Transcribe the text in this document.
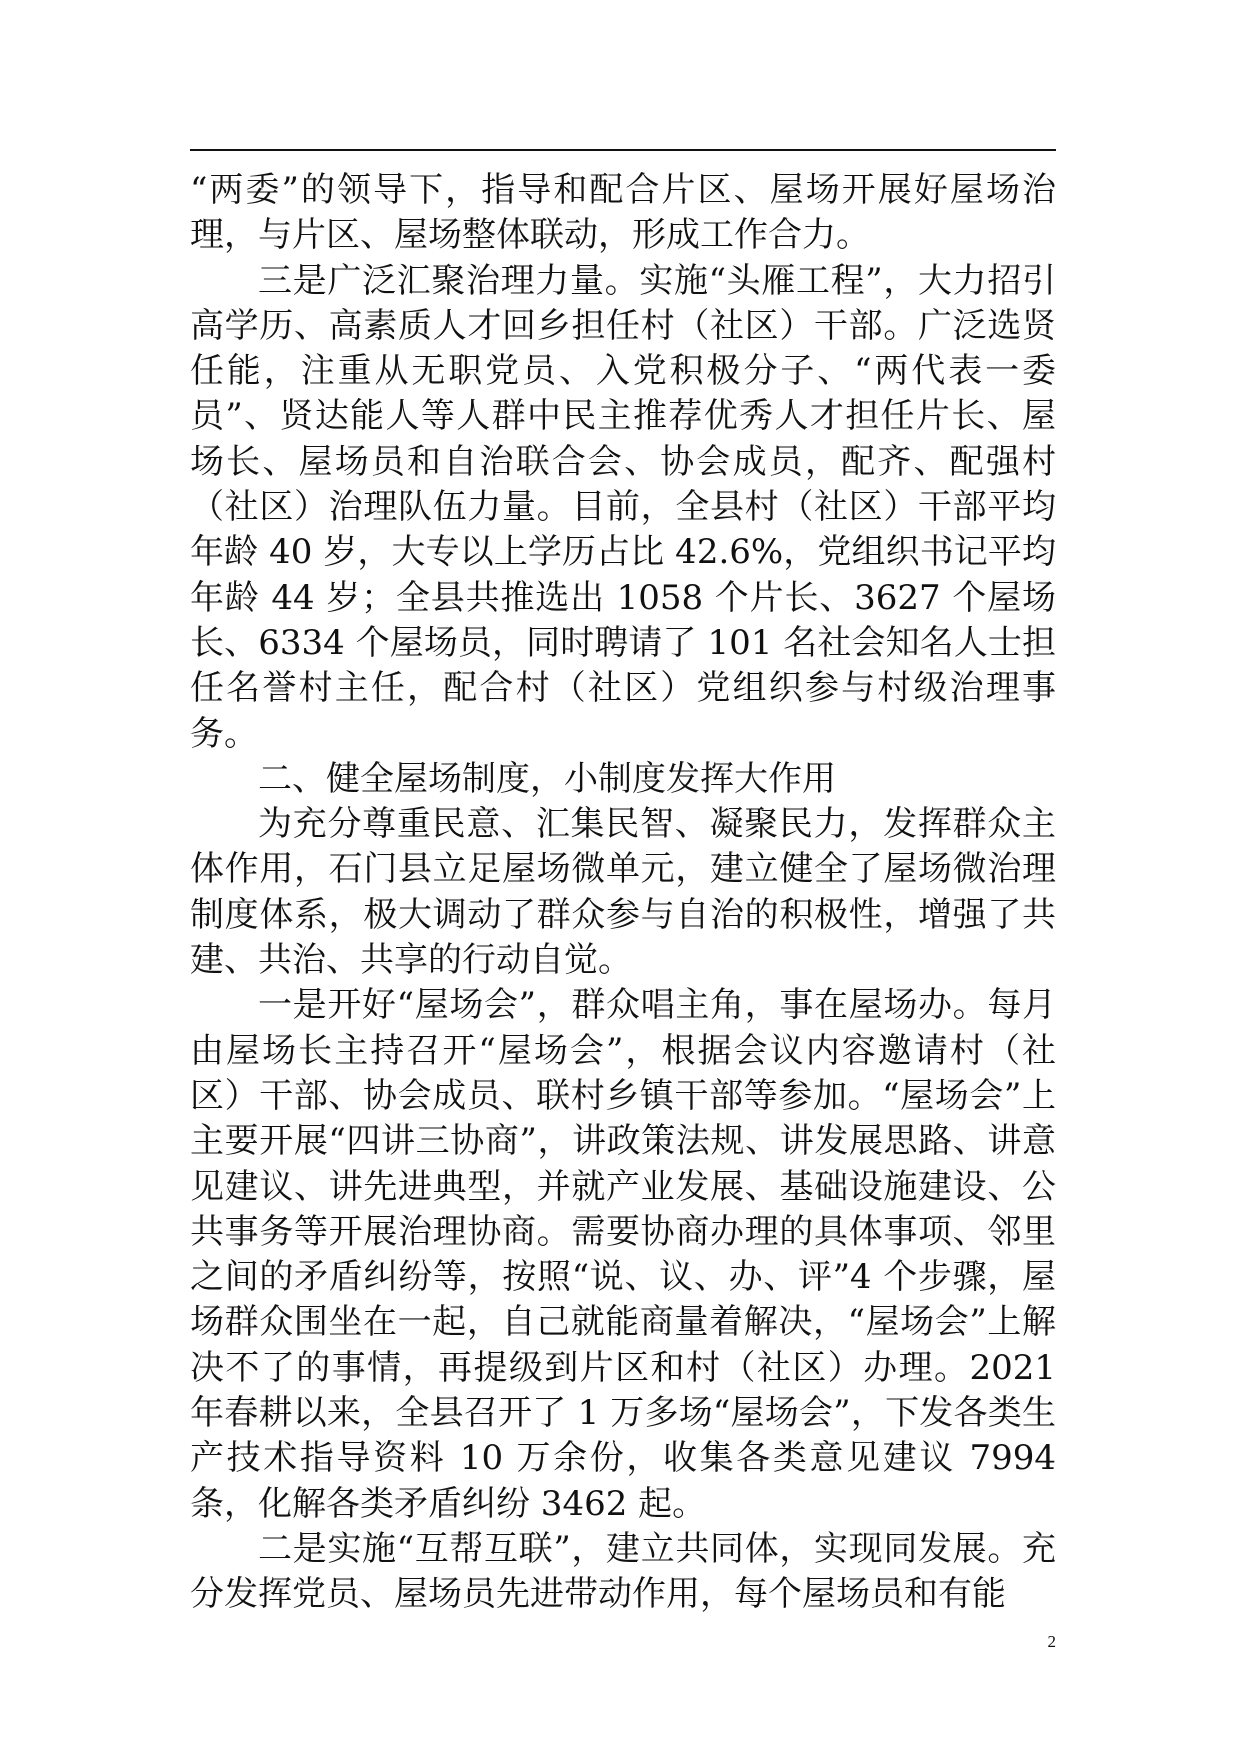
“两委”的领导下，指导和配合片区、屋场开展好屋场治理，与片区、屋场整体联动，形成工作合力。

三是广泛汇聚治理力量。实施“头雁工程”，大力招引高学历、高素质人才回乡担任村（社区）干部。广泛选贤任能，注重从无职党员、入党积极分子、“两代表一委员”、贤达能人等人群中民主推荐优秀人才担任片长、屋场长、屋场员和自治联合会、协会成员，配齐、配强村（社区）治理队伍力量。目前，全县村（社区）干部平均年龄 40 岁，大专以上学历占比 42.6%，党组织书记平均年龄 44 岁；全县共推选出 1058 个片长、3627 个屋场长、6334 个屋场员，同时聘请了 101 名社会知名人士担任名誉村主任，配合村（社区）党组织参与村级治理事务。

二、健全屋场制度，小制度发挥大作用

为充分尊重民意、汇集民智、凝聚民力，发挥群众主体作用，石门县立足屋场微单元，建立健全了屋场微治理制度体系，极大调动了群众参与自治的积极性，增强了共建、共治、共享的行动自觉。

一是开好“屋场会”，群众唱主角，事在屋场办。每月由屋场长主持召开“屋场会”，根据会议内容邀请村（社区）干部、协会成员、联村乡镇干部等参加。“屋场会”上主要开展“四讲三协商”，讲政策法规、讲发展思路、讲意见建议、讲先进典型，并就产业发展、基础设施建设、公共事务等开展治理协商。需要协商办理的具体事项、邻里之间的矛盾纠纷等，按照“说、议、办、评”4 个步骤，屋场群众围坐在一起，自己就能商量着解决，“屋场会”上解决不了的事情，再提级到片区和村（社区）办理。2021 年春耕以来，全县召开了 1 万多场“屋场会”，下发各类生产技术指导资料 10 万余份，收集各类意见建议 7994 条，化解各类矛盾纠纷 3462 起。

二是实施“互帮互联”，建立共同体，实现同发展。充分发挥党员、屋场员先进带动作用，每个屋场员和有能

2
